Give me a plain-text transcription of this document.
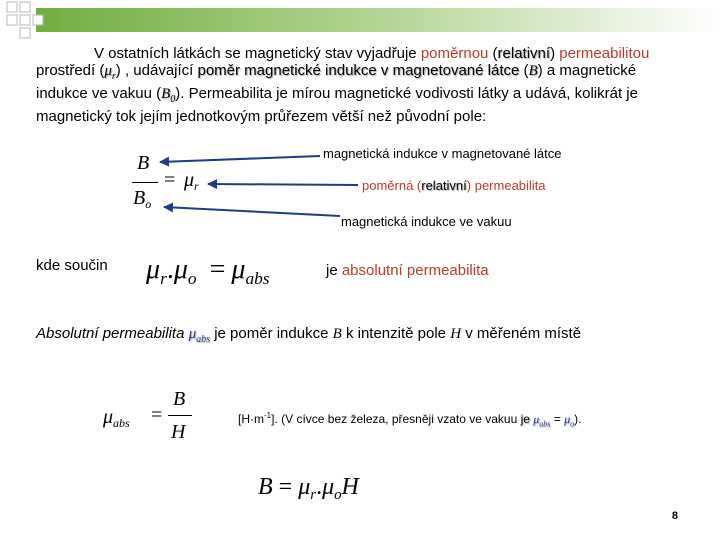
V ostatních látkách se magnetický stav vyjadřuje poměrnou (relativní) permeabilitou
prostředí $(\mu_r)$ , udávající poměr magnetické indukce v magnetované látce (B) a magnetické
indukce ve vakuu $(B_0)$. Permeabilita je mírou magnetické vodivosti látky a udává, kolikrát je
magnetický tok jejím jednotkovým průřezem větší než původní pole:
B
$B_o$
= $\mu_r$
magnetická indukce v magnetované látce
poměrná (relativní) permeabilita
magnetická indukce ve vakuu
kde součin $\mu_r.\mu_o = \mu_{abs}$	je absolutní permeabilita
Absolutní permeabilita $\mu_{abs}$ je poměr indukce B k intenzitě pole H v měřeném místě
$\mu_{abs}$ =
B
H
$[H\cdot m^{-1}]$. (V cívce bez železa, přesněji vzato ve vakuu je $\mu_{abs} = \mu_o$).
$B = \mu_r.\mu_oH$
8
